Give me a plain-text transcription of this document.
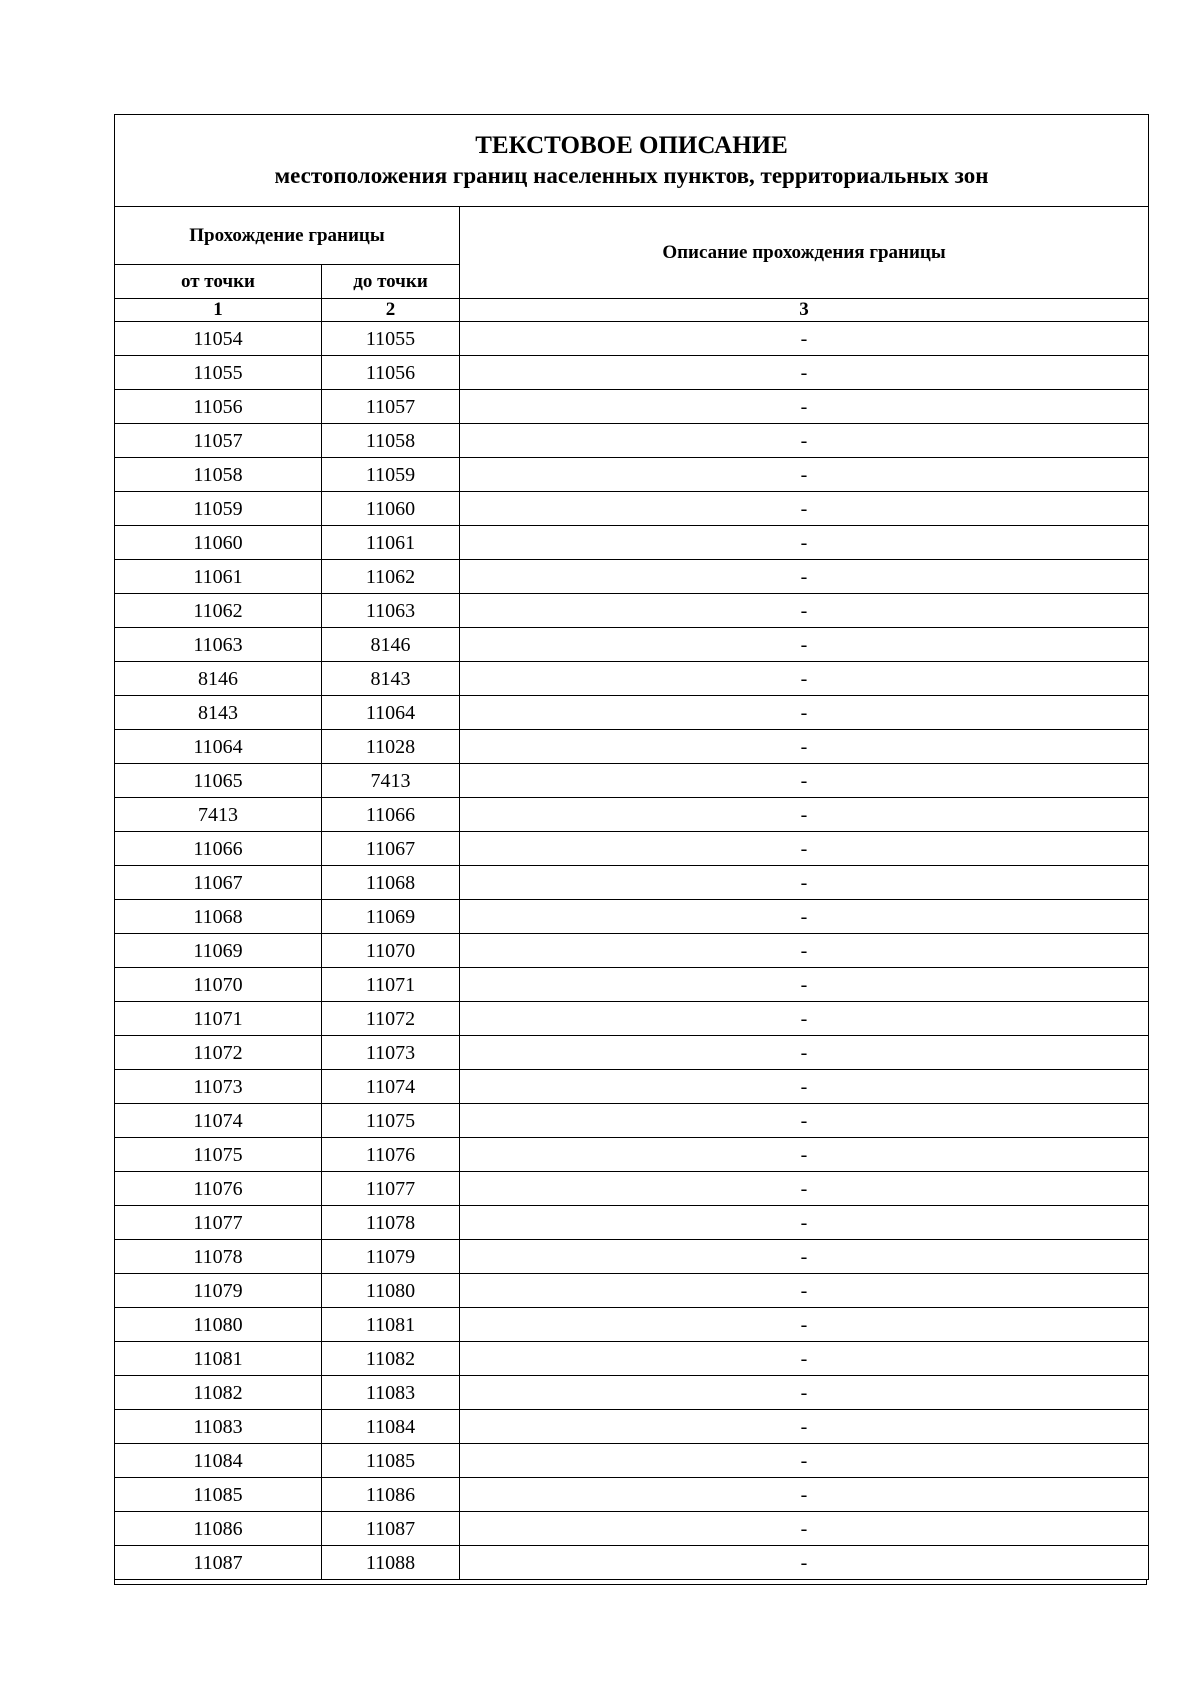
ТЕКСТОВОЕ ОПИСАНИЕ
местоположения границ населенных пунктов, территориальных зон		

Прохождение границы		Описание прохождения границы
от точки	до точки	
1	2	3
11054	11055	-
11055	11056	-
11056	11057	-
11057	11058	-
11058	11059	-
11059	11060	-
11060	11061	-
11061	11062	-
11062	11063	-
11063	8146	-
8146	8143	-
8143	11064	-
11064	11028	-
11065	7413	-
7413	11066	-
11066	11067	-
11067	11068	-
11068	11069	-
11069	11070	-
11070	11071	-
11071	11072	-
11072	11073	-
11073	11074	-
11074	11075	-
11075	11076	-
11076	11077	-
11077	11078	-
11078	11079	-
11079	11080	-
11080	11081	-
11081	11082	-
11082	11083	-
11083	11084	-
11084	11085	-
11085	11086	-
11086	11087	-
11087	11088	-
